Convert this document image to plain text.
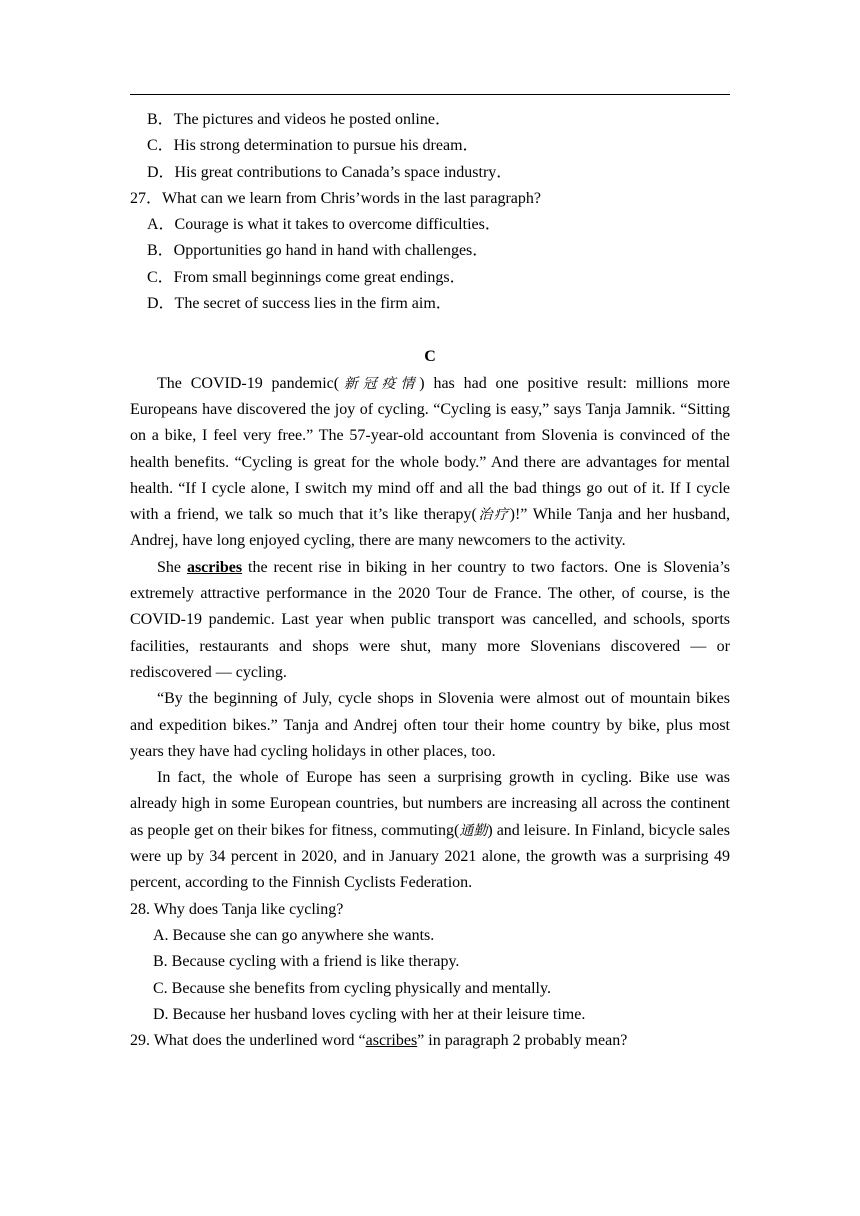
B．The pictures and videos he posted online．
C．His strong determination to pursue his dream．
D．His great contributions to Canada’s space industry．
27．What can we learn from Chris’words in the last paragraph?
A．Courage is what it takes to overcome difficulties．
B．Opportunities go hand in hand with challenges．
C．From small beginnings come great endings．
D．The secret of success lies in the firm aim．
C

The COVID-19 pandemic(新冠疫情) has had one positive result: millions more Europeans have discovered the joy of cycling. “Cycling is easy,” says Tanja Jamnik. “Sitting on a bike, I feel very free.” The 57-year-old accountant from Slovenia is convinced of the health benefits. “Cycling is great for the whole body.” And there are advantages for mental health. “If I cycle alone, I switch my mind off and all the bad things go out of it. If I cycle with a friend, we talk so much that it’s like therapy(治疗)!” While Tanja and her husband, Andrej, have long enjoyed cycling, there are many newcomers to the activity.

She ascribes the recent rise in biking in her country to two factors. One is Slovenia’s extremely attractive performance in the 2020 Tour de France. The other, of course, is the COVID-19 pandemic. Last year when public transport was cancelled, and schools, sports facilities, restaurants and shops were shut, many more Slovenians discovered — or rediscovered — cycling.

“By the beginning of July, cycle shops in Slovenia were almost out of mountain bikes and expedition bikes.” Tanja and Andrej often tour their home country by bike, plus most years they have had cycling holidays in other places, too.

In fact, the whole of Europe has seen a surprising growth in cycling. Bike use was already high in some European countries, but numbers are increasing all across the continent as people get on their bikes for fitness, commuting(通勤) and leisure. In Finland, bicycle sales were up by 34 percent in 2020, and in January 2021 alone, the growth was a surprising 49 percent, according to the Finnish Cyclists Federation.

28. Why does Tanja like cycling?
A. Because she can go anywhere she wants.
B. Because cycling with a friend is like therapy.
C. Because she benefits from cycling physically and mentally.
D. Because her husband loves cycling with her at their leisure time.
29. What does the underlined word “ascribes” in paragraph 2 probably mean?
